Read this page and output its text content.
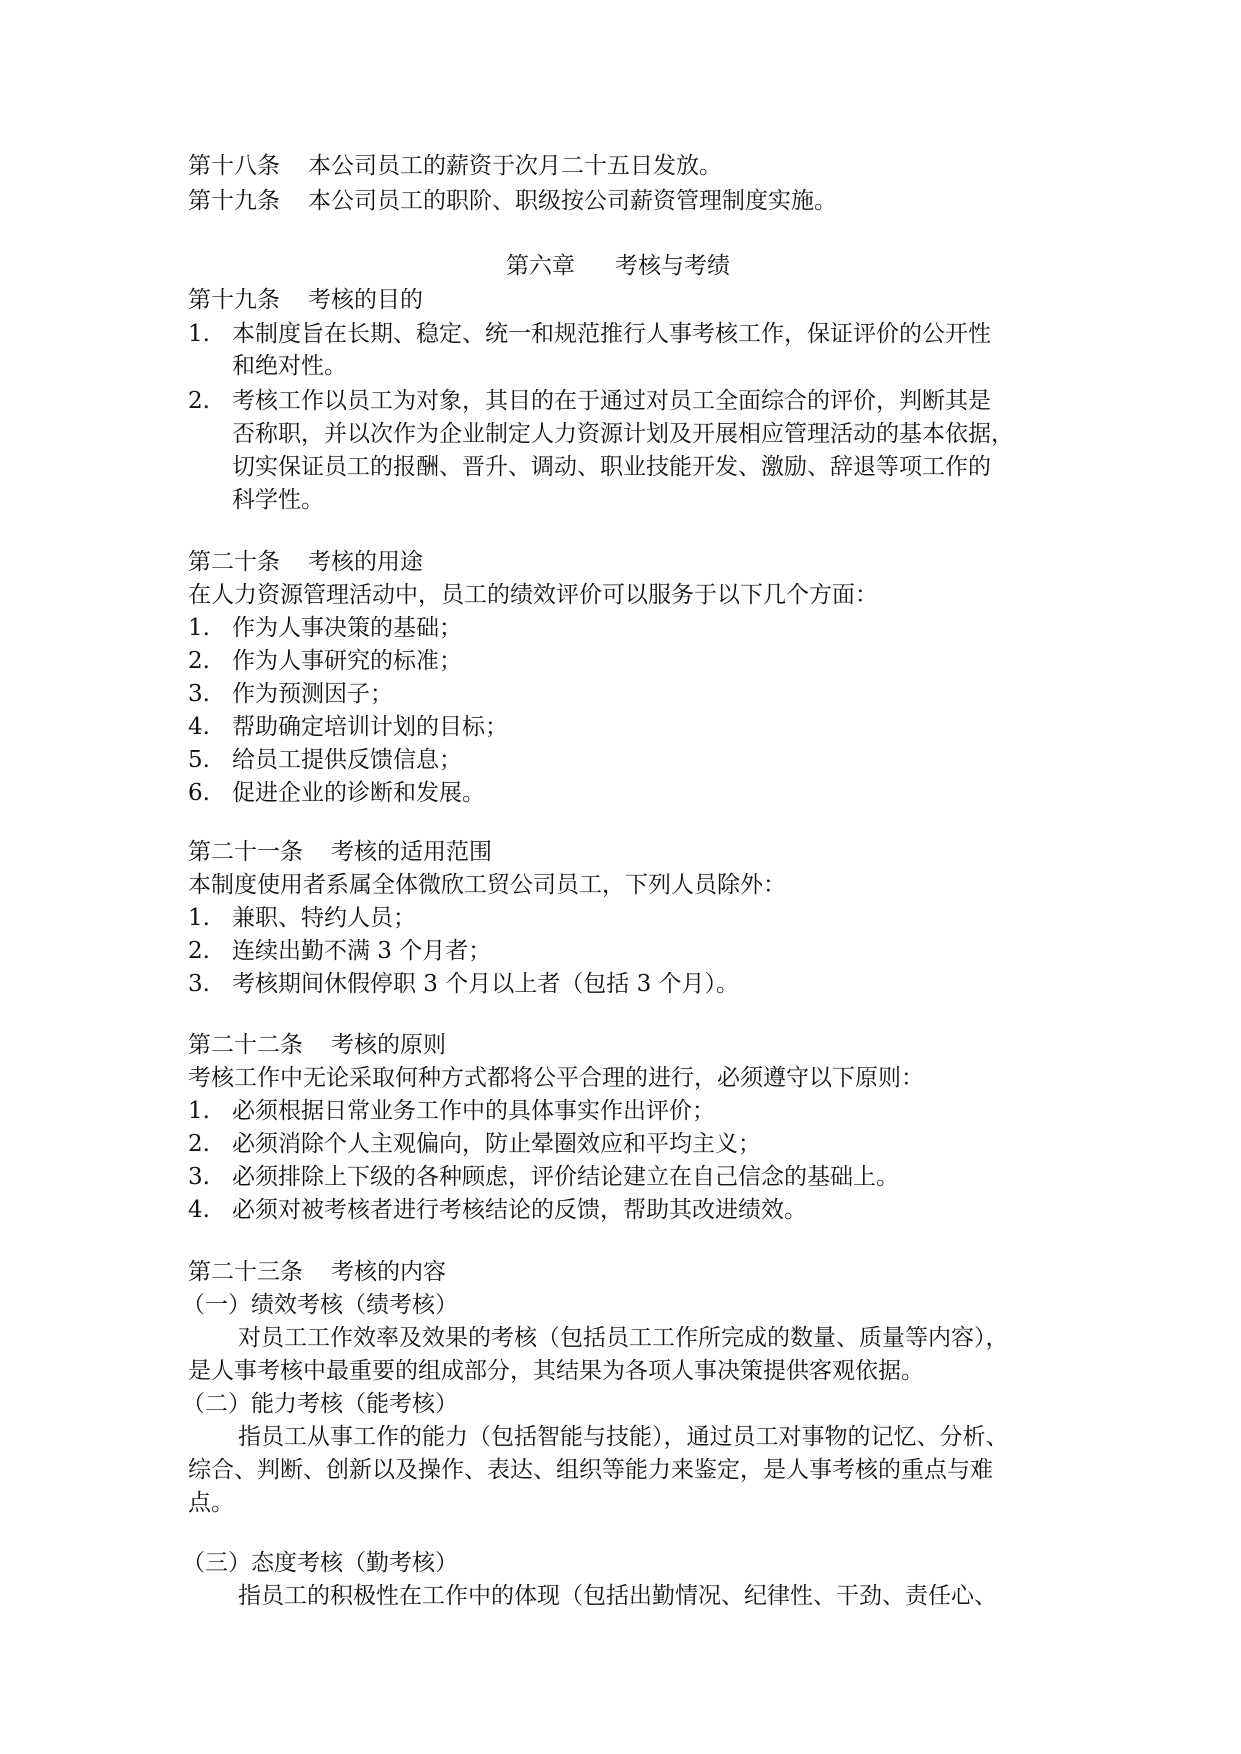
第十八条 本公司员工的薪资于次月二十五日发放。
第十九条 本公司员工的职阶、职级按公司薪资管理制度实施。
第六章 考核与考绩
第十九条 考核的目的
1. 本制度旨在长期、稳定、统一和规范推行人事考核工作，保证评价的公开性
和绝对性。
2. 考核工作以员工为对象，其目的在于通过对员工全面综合的评价，判断其是
否称职，并以次作为企业制定人力资源计划及开展相应管理活动的基本依据，
切实保证员工的报酬、晋升、调动、职业技能开发、激励、辞退等项工作的
科学性。
第二十条 考核的用途
在人力资源管理活动中，员工的绩效评价可以服务于以下几个方面：
1. 作为人事决策的基础；
2. 作为人事研究的标准；
3. 作为预测因子；
4. 帮助确定培训计划的目标；
5. 给员工提供反馈信息；
6. 促进企业的诊断和发展。
第二十一条 考核的适用范围
本制度使用者系属全体微欣工贸公司员工，下列人员除外：
1. 兼职、特约人员；
2. 连续出勤不满 3 个月者；
3. 考核期间休假停职 3 个月以上者（包括 3 个月）。
第二十二条 考核的原则
考核工作中无论采取何种方式都将公平合理的进行，必须遵守以下原则：
1. 必须根据日常业务工作中的具体事实作出评价；
2. 必须消除个人主观偏向，防止晕圈效应和平均主义；
3. 必须排除上下级的各种顾虑，评价结论建立在自己信念的基础上。
4. 必须对被考核者进行考核结论的反馈，帮助其改进绩效。
第二十三条 考核的内容
（一）绩效考核（绩考核）
对员工工作效率及效果的考核（包括员工工作所完成的数量、质量等内容），
是人事考核中最重要的组成部分，其结果为各项人事决策提供客观依据。
（二）能力考核（能考核）
指员工从事工作的能力（包括智能与技能），通过员工对事物的记忆、分析、
综合、判断、创新以及操作、表达、组织等能力来鉴定，是人事考核的重点与难
点。
（三）态度考核（勤考核）
指员工的积极性在工作中的体现（包括出勤情况、纪律性、干劲、责任心、
